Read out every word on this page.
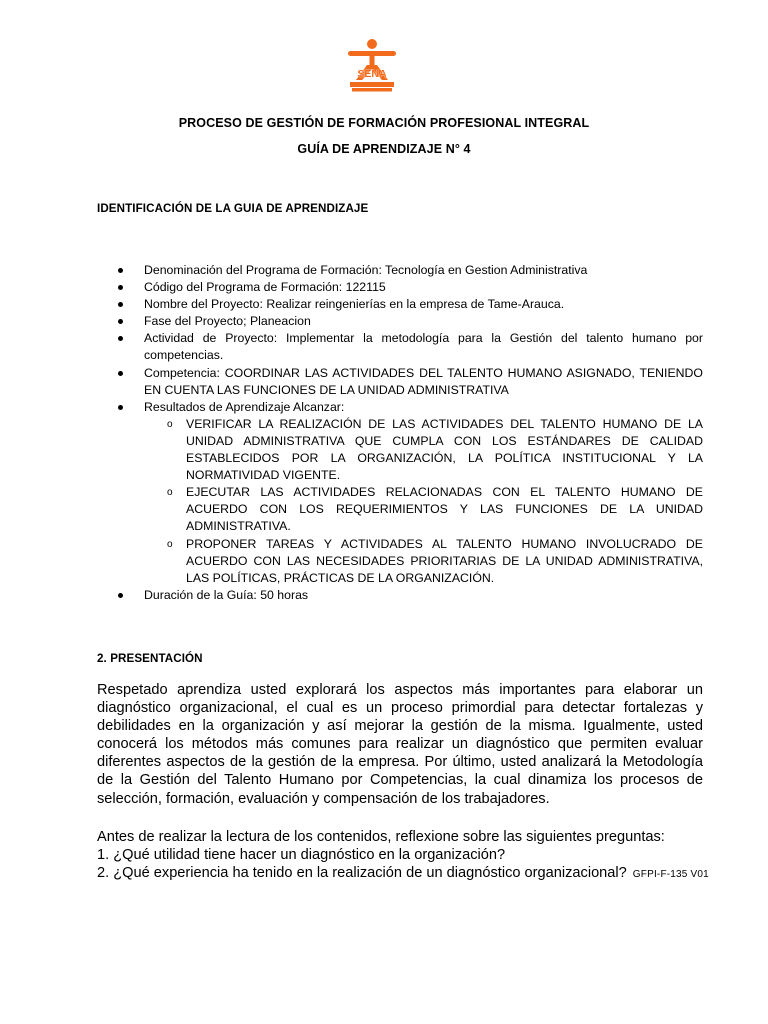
SENA
PROCESO DE GESTIÓN DE FORMACIÓN PROFESIONAL INTEGRAL
GUÍA DE APRENDIZAJE N° 4
IDENTIFICACIÓN DE LA GUIA DE APRENDIZAJE
Denominación del Programa de Formación: Tecnología en Gestion Administrativa
Código del Programa de Formación: 122115
Nombre del Proyecto: Realizar reingenierías en la empresa de Tame-Arauca.
Fase del Proyecto; Planeacion
Actividad de Proyecto: Implementar la metodología para la Gestión del talento humano por competencias.
Competencia: COORDINAR LAS ACTIVIDADES DEL TALENTO HUMANO ASIGNADO, TENIENDO EN CUENTA LAS FUNCIONES DE LA UNIDAD ADMINISTRATIVA
Resultados de Aprendizaje Alcanzar:
o VERIFICAR LA REALIZACIÓN DE LAS ACTIVIDADES DEL TALENTO HUMANO DE LA UNIDAD ADMINISTRATIVA QUE CUMPLA CON LOS ESTÁNDARES DE CALIDAD ESTABLECIDOS POR LA ORGANIZACIÓN, LA POLÍTICA INSTITUCIONAL Y LA NORMATIVIDAD VIGENTE.
o EJECUTAR LAS ACTIVIDADES RELACIONADAS CON EL TALENTO HUMANO DE ACUERDO CON LOS REQUERIMIENTOS Y LAS FUNCIONES DE LA UNIDAD ADMINISTRATIVA.
o PROPONER TAREAS Y ACTIVIDADES AL TALENTO HUMANO INVOLUCRADO DE ACUERDO CON LAS NECESIDADES PRIORITARIAS DE LA UNIDAD ADMINISTRATIVA, LAS POLÍTICAS, PRÁCTICAS DE LA ORGANIZACIÓN.
Duración de la Guía: 50 horas
2. PRESENTACIÓN

Respetado aprendiza usted explorará los aspectos más importantes para elaborar un diagnóstico organizacional, el cual es un proceso primordial para detectar fortalezas y debilidades en la organización y así mejorar la gestión de la misma. Igualmente, usted conocerá los métodos más comunes para realizar un diagnóstico que permiten evaluar diferentes aspectos de la gestión de la empresa. Por último, usted analizará la Metodología de la Gestión del Talento Humano por Competencias, la cual dinamiza los procesos de selección, formación, evaluación y compensación de los trabajadores.

Antes de realizar la lectura de los contenidos, reflexione sobre las siguientes preguntas:
1. ¿Qué utilidad tiene hacer un diagnóstico en la organización?
2. ¿Qué experiencia ha tenido en la realización de un diagnóstico organizacional? GFPI-F-135 V01
